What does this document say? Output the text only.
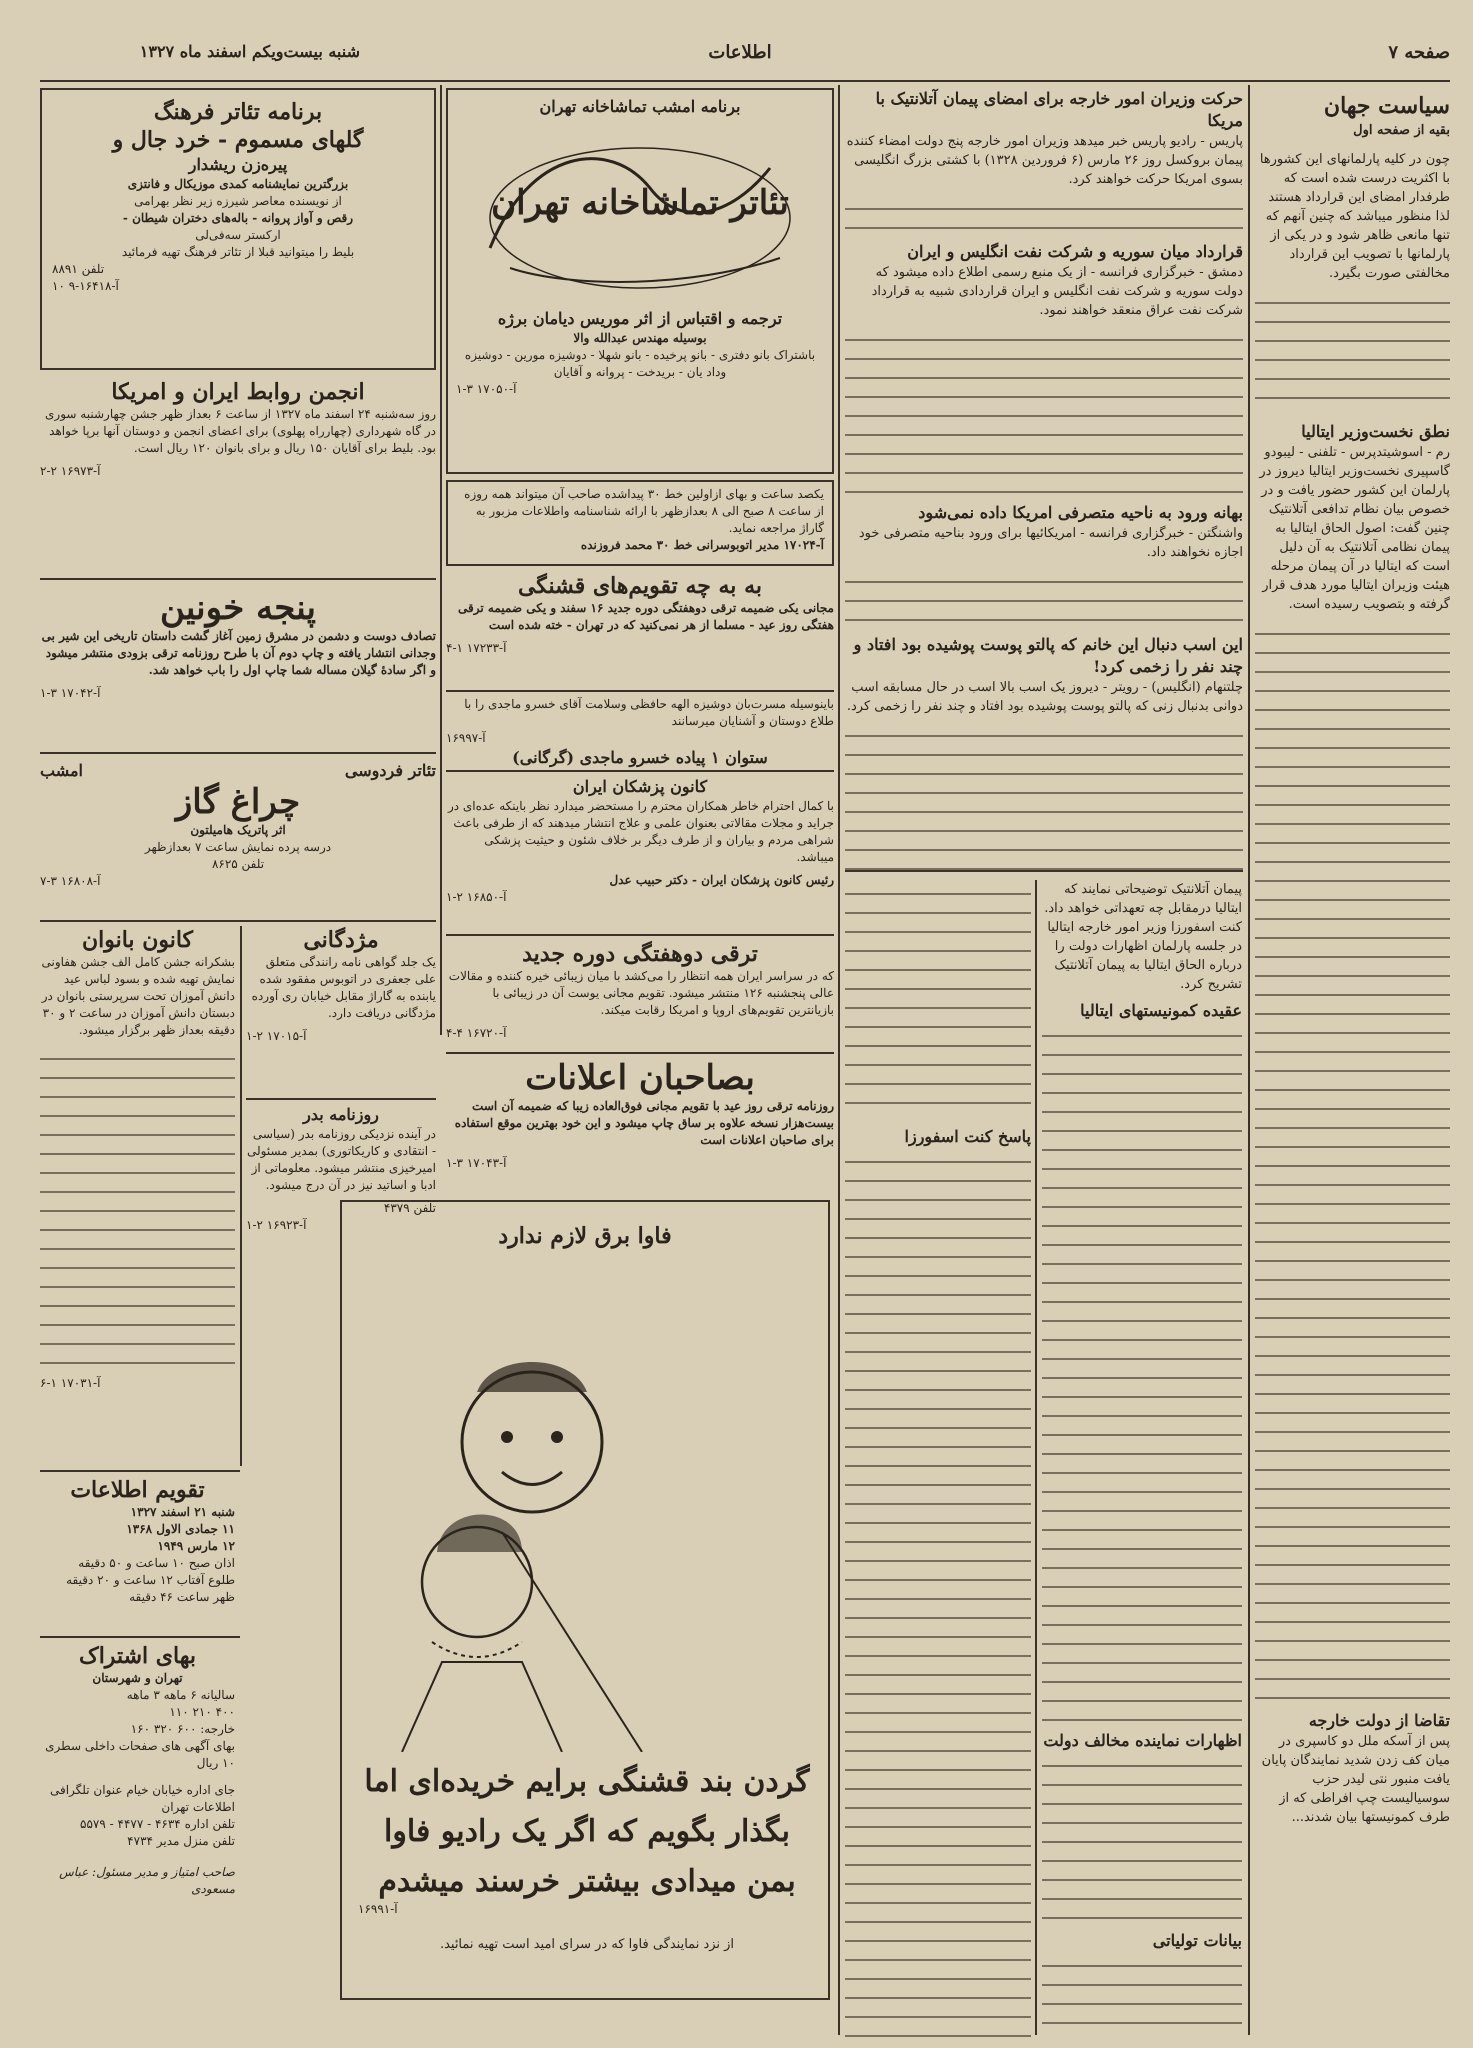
صفحه ۷
اطلاعات
شنبه بیست‌ویکم اسفند ماه ۱۳۲۷
سیاست جهان
بقیه از صفحه اول
چون در کلیه پارلمانهای این کشورها با اکثریت درست شده است که طرفدار امضای این قرارداد هستند لذا منظور میباشد که چنین آنهم که تنها مانعی ظاهر شود و در یکی از پارلمانها با تصویب این قرارداد مخالفتی صورت بگیرد.
نطق نخست‌وزیر ایتالیا
رم - اسوشیتدپرس - تلفنی - لیبودو گاسپیری نخست‌وزیر ایتالیا دیروز در پارلمان این کشور حضور یافت و در خصوص بیان نظام تدافعی آتلانتیک چنین گفت: اصول الحاق ایتالیا به پیمان نظامی آتلانتیک به آن دلیل است که ایتالیا در آن پیمان مرحله هیئت وزیران ایتالیا مورد هدف قرار گرفته و بتصویب رسیده است.
تقاضا از دولت خارجه
پس از آسکه ملل دو کاسپری در میان کف زدن شدید نمایندگان پایان یافت منبور نتی لیدر حزب سوسیالیست چپ افراطی که از طرف کمونیستها بیان شدند...
حرکت وزیران امور خارجه برای امضای پیمان آتلانتیک با مریکا
پاریس - رادیو پاریس خبر میدهد وزیران امور خارجه پنج دولت امضاء کننده پیمان بروکسل روز ۲۶ مارس (۶ فروردین ۱۳۲۸) با کشتی بزرگ انگلیسی بسوی امریکا حرکت خواهند کرد.
قرارداد میان سوریه و شرکت نفت انگلیس و ایران
دمشق - خبرگزاری فرانسه - از یک منبع رسمی اطلاع داده میشود که دولت سوریه و شرکت نفت انگلیس و ایران قراردادی شبیه به قرارداد شرکت نفت عراق منعقد خواهند نمود.
بهانه ورود به ناحیه متصرفی امریکا داده نمی‌شود
واشنگتن - خبرگزاری فرانسه - امریکائیها برای ورود بناحیه متصرفی خود اجازه نخواهند داد.
این اسب دنبال این خانم که پالتو پوست پوشیده بود افتاد و چند نفر را زخمی کرد!
چلتنهام (انگلیس) - رویتر - دیروز یک اسب بالا اسب در حال مسابقه اسب دوانی بدنبال زنی که پالتو پوست پوشیده بود افتاد و چند نفر را زخمی کرد.
پیمان آتلانتیک توضیحاتی نمایند که ایتالیا درمقابل چه تعهداتی خواهد داد. کنت اسفورزا وزیر امور خارجه ایتالیا در جلسه پارلمان اظهارات دولت را درباره الحاق ایتالیا به پیمان آتلانتیک تشریح کرد.
عقیده کمونیستهای ایتالیا
اظهارات نماینده مخالف دولت
بیانات تولیاتی
پاسخ کنت اسفورزا
برنامه تئاتر فرهنگ
گلهای مسموم - خرد جال و
پیره‌زن ریشدار
بزرگترین نمایشنامه کمدی موزیکال و فانتزی
از نویسنده معاصر شیرزه زیر نظر بهرامی
رقص و آواز پروانه - باله‌های دختران شیطان -
ارکستر سه‌فی‌لی
بلیط را میتوانید قبلا از تئاتر فرهنگ تهیه فرمائید
تلفن ۸۸۹۱
آ-۱۶۴۱۸-۹ ۱۰
انجمن روابط ایران و امریکا
روز سه‌شنبه ۲۴ اسفند ماه ۱۳۲۷ از ساعت ۶ بعداز ظهر جشن چهارشنبه سوری در گاه شهرداری (چهارراه پهلوی) برای اعضای انجمن و دوستان آنها برپا خواهد بود. بلیط برای آقایان ۱۵۰ ریال و برای بانوان ۱۲۰ ریال است.
آ-۱۶۹۷۳ ۲-۲
پنجه خونین
تصادف دوست و دشمن در مشرق زمین آغاز گشت داستان تاریخی این شیر بی وجدانی انتشار یافته و چاپ دوم آن با طرح روزنامه ترقی بزودی منتشر میشود و اگر سادهٔ گیلان مساله شما چاپ اول را باب خواهد شد.
آ-۱۷۰۴۲ ۳-۱
تئاتر فردوسی
امشب
چراغ گاز
اثر پاتریک هامیلتون
درسه پرده نمایش ساعت ۷ بعدازظهر
تلفن ۸۶۲۵
آ-۱۶۸۰۸ ۳-۷
کانون بانوان
بشکرانه جشن کامل الف جشن هفاونی نمایش تهیه شده و بسود لباس عید دانش آموزان تحت سرپرستی بانوان در دبستان دانش آموزان در ساعت ۲ و ۳۰ دقیقه بعداز ظهر برگزار میشود.
آ-۱۷۰۳۱ ۱-۶
مژدگانی
یک جلد گواهی نامه رانندگی متعلق علی جعفری در اتوبوس مفقود شده یابنده به گاراژ مقابل خیابان ری آورده مژدگانی دریافت دارد.
آ-۱۷۰۱۵ ۲-۱
روزنامه بدر
در آینده نزدیکی روزنامه بدر (سیاسی - انتقادی و کاریکاتوری) بمدیر مسئولی امیرخیزی منتشر میشود. معلوماتی از ادبا و اساتید نیز در آن درج میشود.
تلفن ۴۳۷۹
آ-۱۶۹۲۳ ۲-۱
تقویم اطلاعات
شنبه ۲۱ اسفند ۱۳۲۷
۱۱ جمادی الاول ۱۳۶۸
۱۲ مارس ۱۹۴۹
اذان صبح ۱۰ ساعت و ۵۰ دقیقه
طلوع آفتاب ۱۲ ساعت و ۲۰ دقیقه
ظهر ساعت ۴۶ دقیقه
بهای اشتراک
تهران و شهرستان
سالیانه ۶ ماهه ۳ ماهه
۴۰۰ ۲۱۰ ۱۱۰
خارجه: ۶۰۰ ۳۲۰ ۱۶۰
بهای آگهی های صفحات داخلی سطری ۱۰ ریال
جای اداره خیابان خیام عنوان تلگرافی اطلاعات تهران
تلفن اداره ۴۶۳۴ - ۴۴۷۷ - ۵۵۷۹
تلفن منزل مدیر ۴۷۳۴
صاحب امتیاز و مدیر مسئول: عباس مسعودی
برنامه امشب تماشاخانه تهران
تئاتر تماشاخانه تهران
ترجمه و اقتباس از اثر موریس دیامان برژه
بوسیله مهندس عبدالله والا
باشتراک بانو دفتری - بانو پرخیده - بانو شهلا - دوشیزه مورین - دوشیزه وداد یان - بریدخت - پروانه و آقایان
آ-۱۷۰۵۰ ۳-۱
یکصد ساعت و بهای ازاولین خط ۳۰ پیداشده صاحب آن میتواند همه روزه از ساعت ۸ صبح الی ۸ بعدازظهر با ارائه شناسنامه واطلاعات مزبور به گاراژ مراجعه نماید.
آ-۱۷۰۲۴ مدیر اتوبوسرانی خط ۳۰ محمد فروزنده
به به چه تقویم‌های قشنگی
مجانی یکی ضمیمه ترقی دوهفتگی دوره جدید ۱۶ سفند و یکی ضمیمه ترقی هفتگی روز عید - مسلما از هر نمی‌کنید که در تهران - خته شده است
آ-۱۷۲۳۳ ۱-۴
باینوسیله مسرت‌بان دوشیزه الهه حافظی وسلامت آقای خسرو ماجدی را با طلاع دوستان و آشنایان میرسانند
آ-۱۶۹۹۷
ستوان ۱ پیاده خسرو ماجدی (گرگانی)
کانون پزشکان ایران
با کمال احترام خاطر همکاران محترم را مستحضر میدارد نظر باینکه عده‌ای در جراید و مجلات مقالاتی بعنوان علمی و علاج انتشار میدهند که از طرفی باعث شراهی مردم و بیاران و از طرف دیگر بر خلاف شئون و حیثیت پزشکی میباشد.
رئیس کانون پزشکان ایران - دکتر حبیب عدل
آ-۱۶۸۵۰ ۲-۱
ترقی دوهفتگی دوره جدید
که در سراسر ایران همه انتظار را می‌کشد با میان زیبائی خیره کننده و مقالات عالی پنجشنبه ۱۲۶ منتشر میشود. تقویم مجانی یوست آن در زیبائی با بازیانترین تقویم‌های اروپا و امریکا رقابت میکند.
آ-۱۶۷۲۰ ۴-۴
بصاحبان اعلانات
روزنامه ترقی روز عید با تقویم مجانی فوق‌العاده زیبا که ضمیمه آن است بیست‌هزار نسخه علاوه بر ساق چاپ میشود و این خود بهترین موقع استفاده برای صاحبان اعلانات است
آ-۱۷۰۴۳ ۳-۱
فاوا برق لازم ندارد
گردن بند قشنگی برایم خریده‌ای اما
بگذار بگویم که اگر یک رادیو فاوا
بمن میدادی بیشتر خرسند میشدم
از نزد نمایندگی فاوا که در سرای امید است تهیه نمائید.
آ-۱۶۹۹۱
